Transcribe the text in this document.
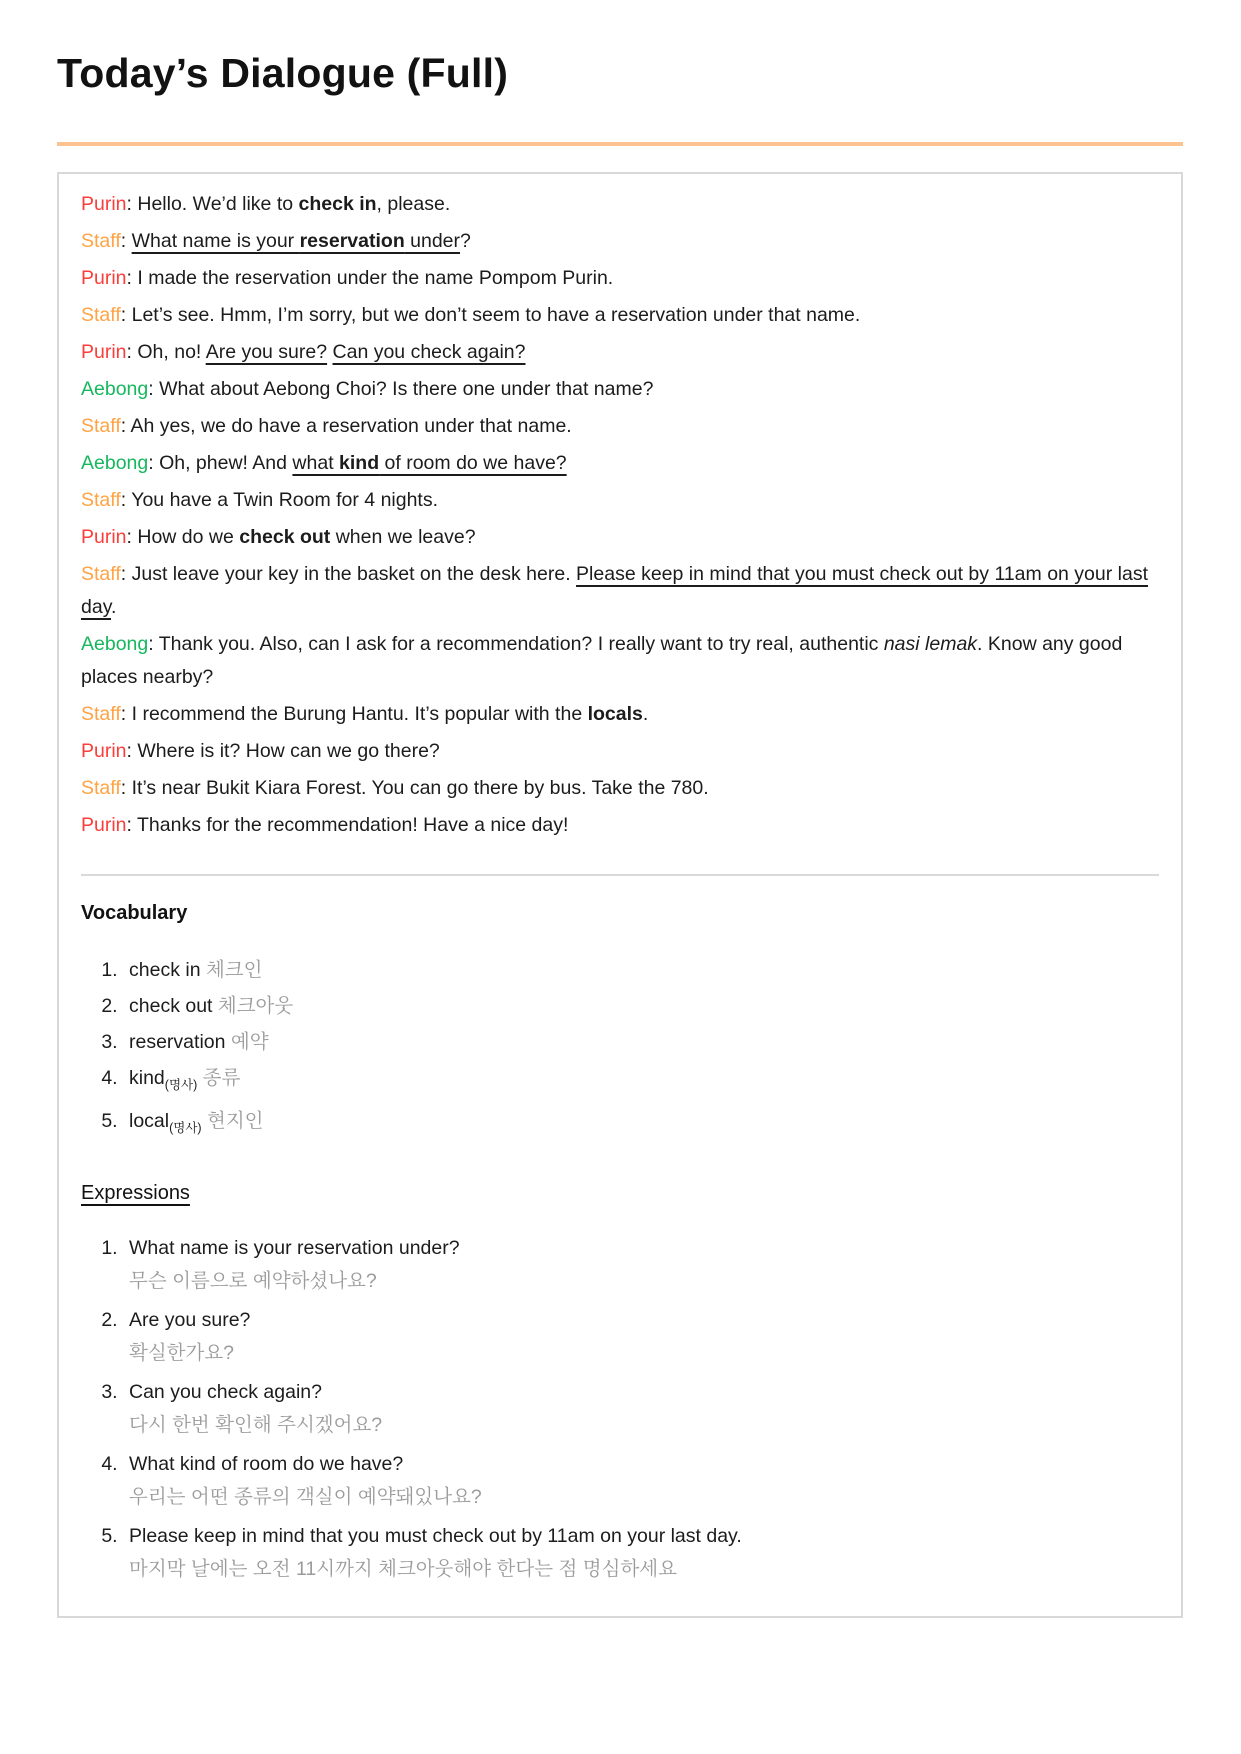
Today’s Dialogue (Full)

Purin: Hello. We’d like to check in, please.

Staff: What name is your reservation under?

Purin: I made the reservation under the name Pompom Purin.

Staff: Let’s see. Hmm, I’m sorry, but we don’t seem to have a reservation under that name.

Purin: Oh, no! Are you sure? Can you check again?

Aebong: What about Aebong Choi? Is there one under that name?

Staff: Ah yes, we do have a reservation under that name.

Aebong: Oh, phew! And what kind of room do we have?

Staff: You have a Twin Room for 4 nights.

Purin: How do we check out when we leave?

Staff: Just leave your key in the basket on the desk here. Please keep in mind that you must check out by 11am on your last day.

Aebong: Thank you. Also, can I ask for a recommendation? I really want to try real, authentic nasi lemak. Know any good places nearby?

Staff: I recommend the Burung Hantu. It’s popular with the locals.

Purin: Where is it? How can we go there?

Staff: It’s near Bukit Kiara Forest. You can go there by bus. Take the 780.

Purin: Thanks for the recommendation! Have a nice day!

Vocabulary
1. check in 체크인
2. check out 체크아웃
3. reservation 예약
4. kind$_{(명사)}$ 종류
5. local$_{(명사)}$ 현지인
Expressions
1. What name is your reservation under?
무슨 이름으로 예약하셨나요?
2. Are you sure?
확실한가요?
3. Can you check again?
다시 한번 확인해 주시겠어요?
4. What kind of room do we have?
우리는 어떤 종류의 객실이 예약돼있나요?
5. Please keep in mind that you must check out by 11am on your last day.
마지막 날에는 오전 11시까지 체크아웃해야 한다는 점 명심하세요
